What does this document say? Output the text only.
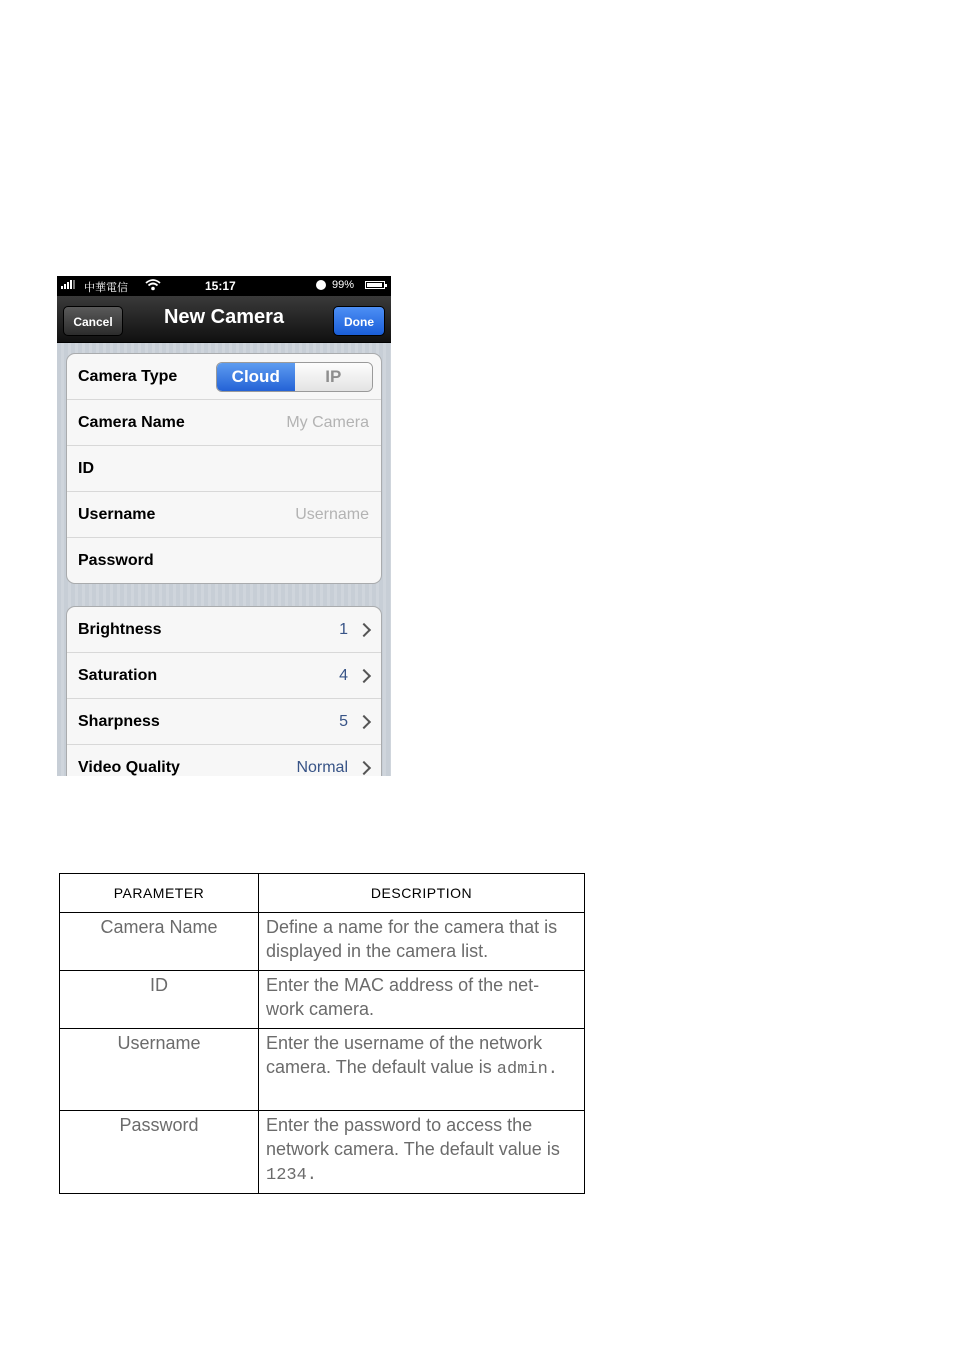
中華電信	15:17	99%
Cancel	New Camera	Done
Camera Type	Cloud	IP
Camera Name	My Camera
ID
Username	Username
Password
Brightness	1
Saturation	4
Sharpness	5
Video Quality	Normal
PARAMETER	DESCRIPTION
Camera Name	Define a name for the camera that is displayed in the camera list.
ID	Enter the MAC address of the net-work camera.
Username	Enter the username of the network camera. The default value is admin.
Password	Enter the password to access the network camera. The default value is 1234.
